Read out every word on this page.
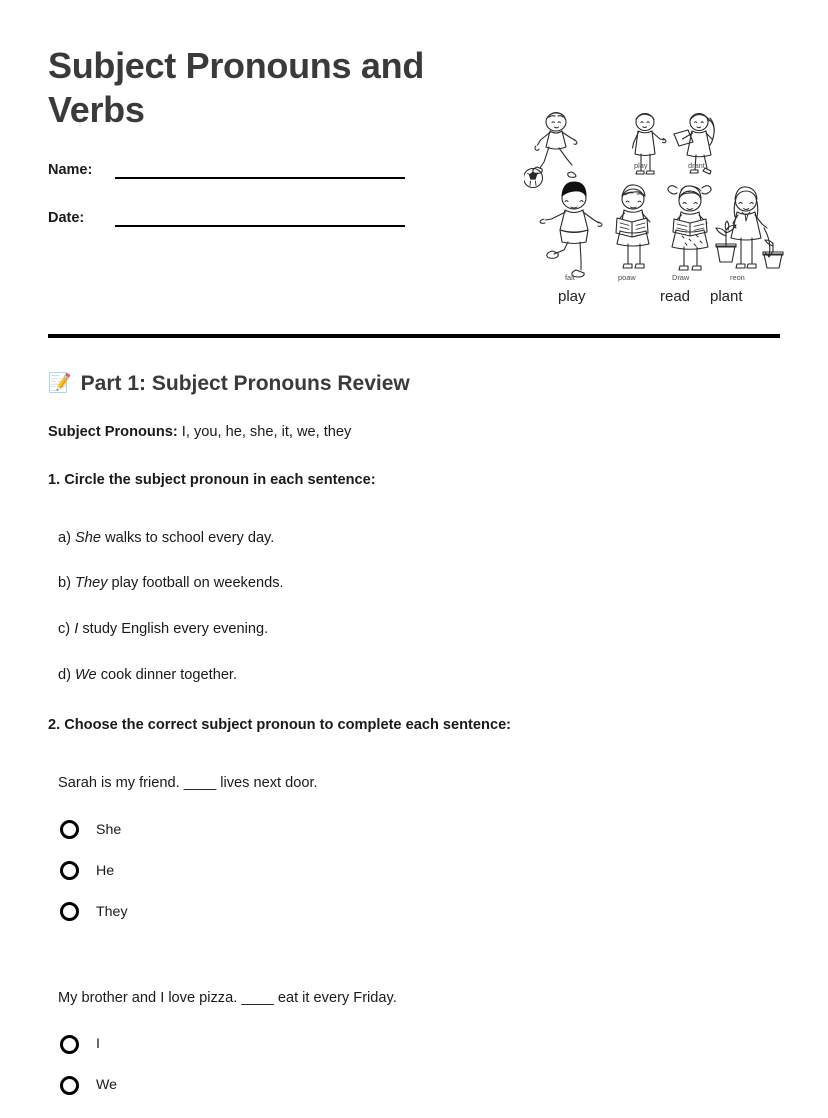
Subject Pronouns and Verbs
Name:
Date:
play	drant
fait	poaw	Draw	reon
play	read plant
📝 Part 1: Subject Pronouns Review
Subject Pronouns: I, you, he, she, it, we, they
1. Circle the subject pronoun in each sentence:
a) She walks to school every day.
b) They play football on weekends.
c) I study English every evening.
d) We cook dinner together.
2. Choose the correct subject pronoun to complete each sentence:
Sarah is my friend. ____ lives next door.
She
He
They
My brother and I love pizza. ____ eat it every Friday.
I
We
